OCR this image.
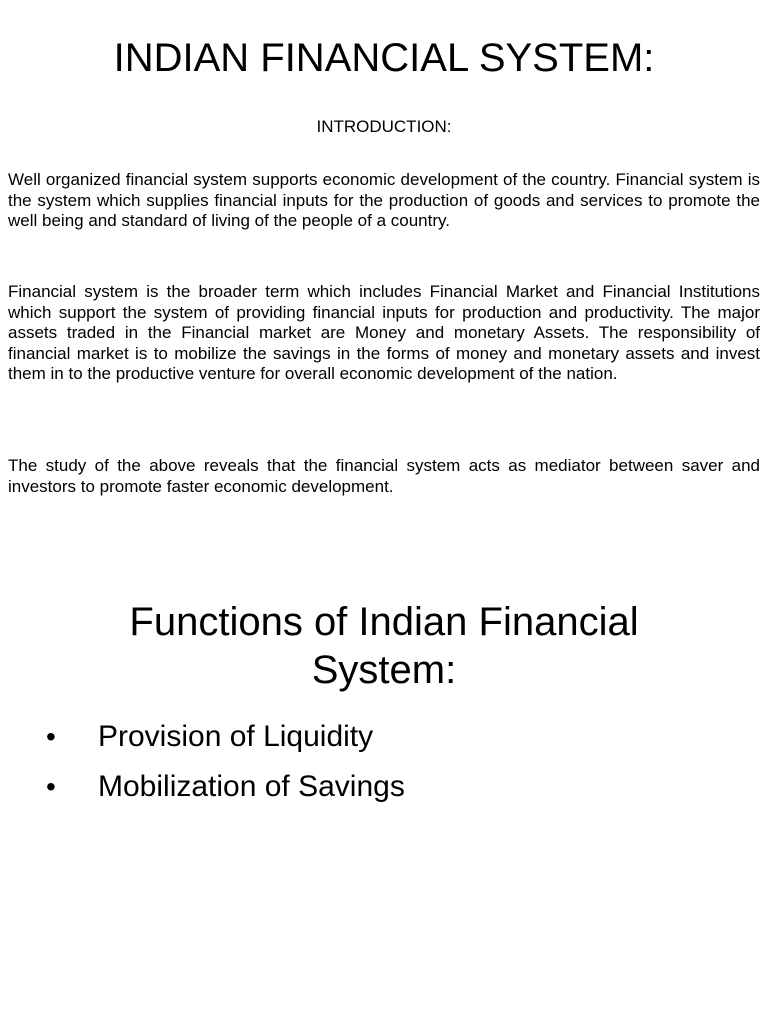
INDIAN FINANCIAL SYSTEM:
INTRODUCTION:

Well organized financial system supports economic development of the country. Financial system is the system which supplies financial inputs for the production of goods and services to promote the well being and standard of living of the people of a country.

Financial system is the broader term which includes Financial Market and Financial Institutions which support the system of providing financial inputs for production and productivity. The major assets traded in the Financial market are Money and monetary Assets. The responsibility of financial market is to mobilize the savings in the forms of money and monetary assets and invest them in to the productive venture for overall economic development of the nation.

The study of the above reveals that the financial system acts as mediator between saver and investors to promote faster economic development.

Functions of Indian Financial
System:
• Provision of Liquidity
• Mobilization of Savings
